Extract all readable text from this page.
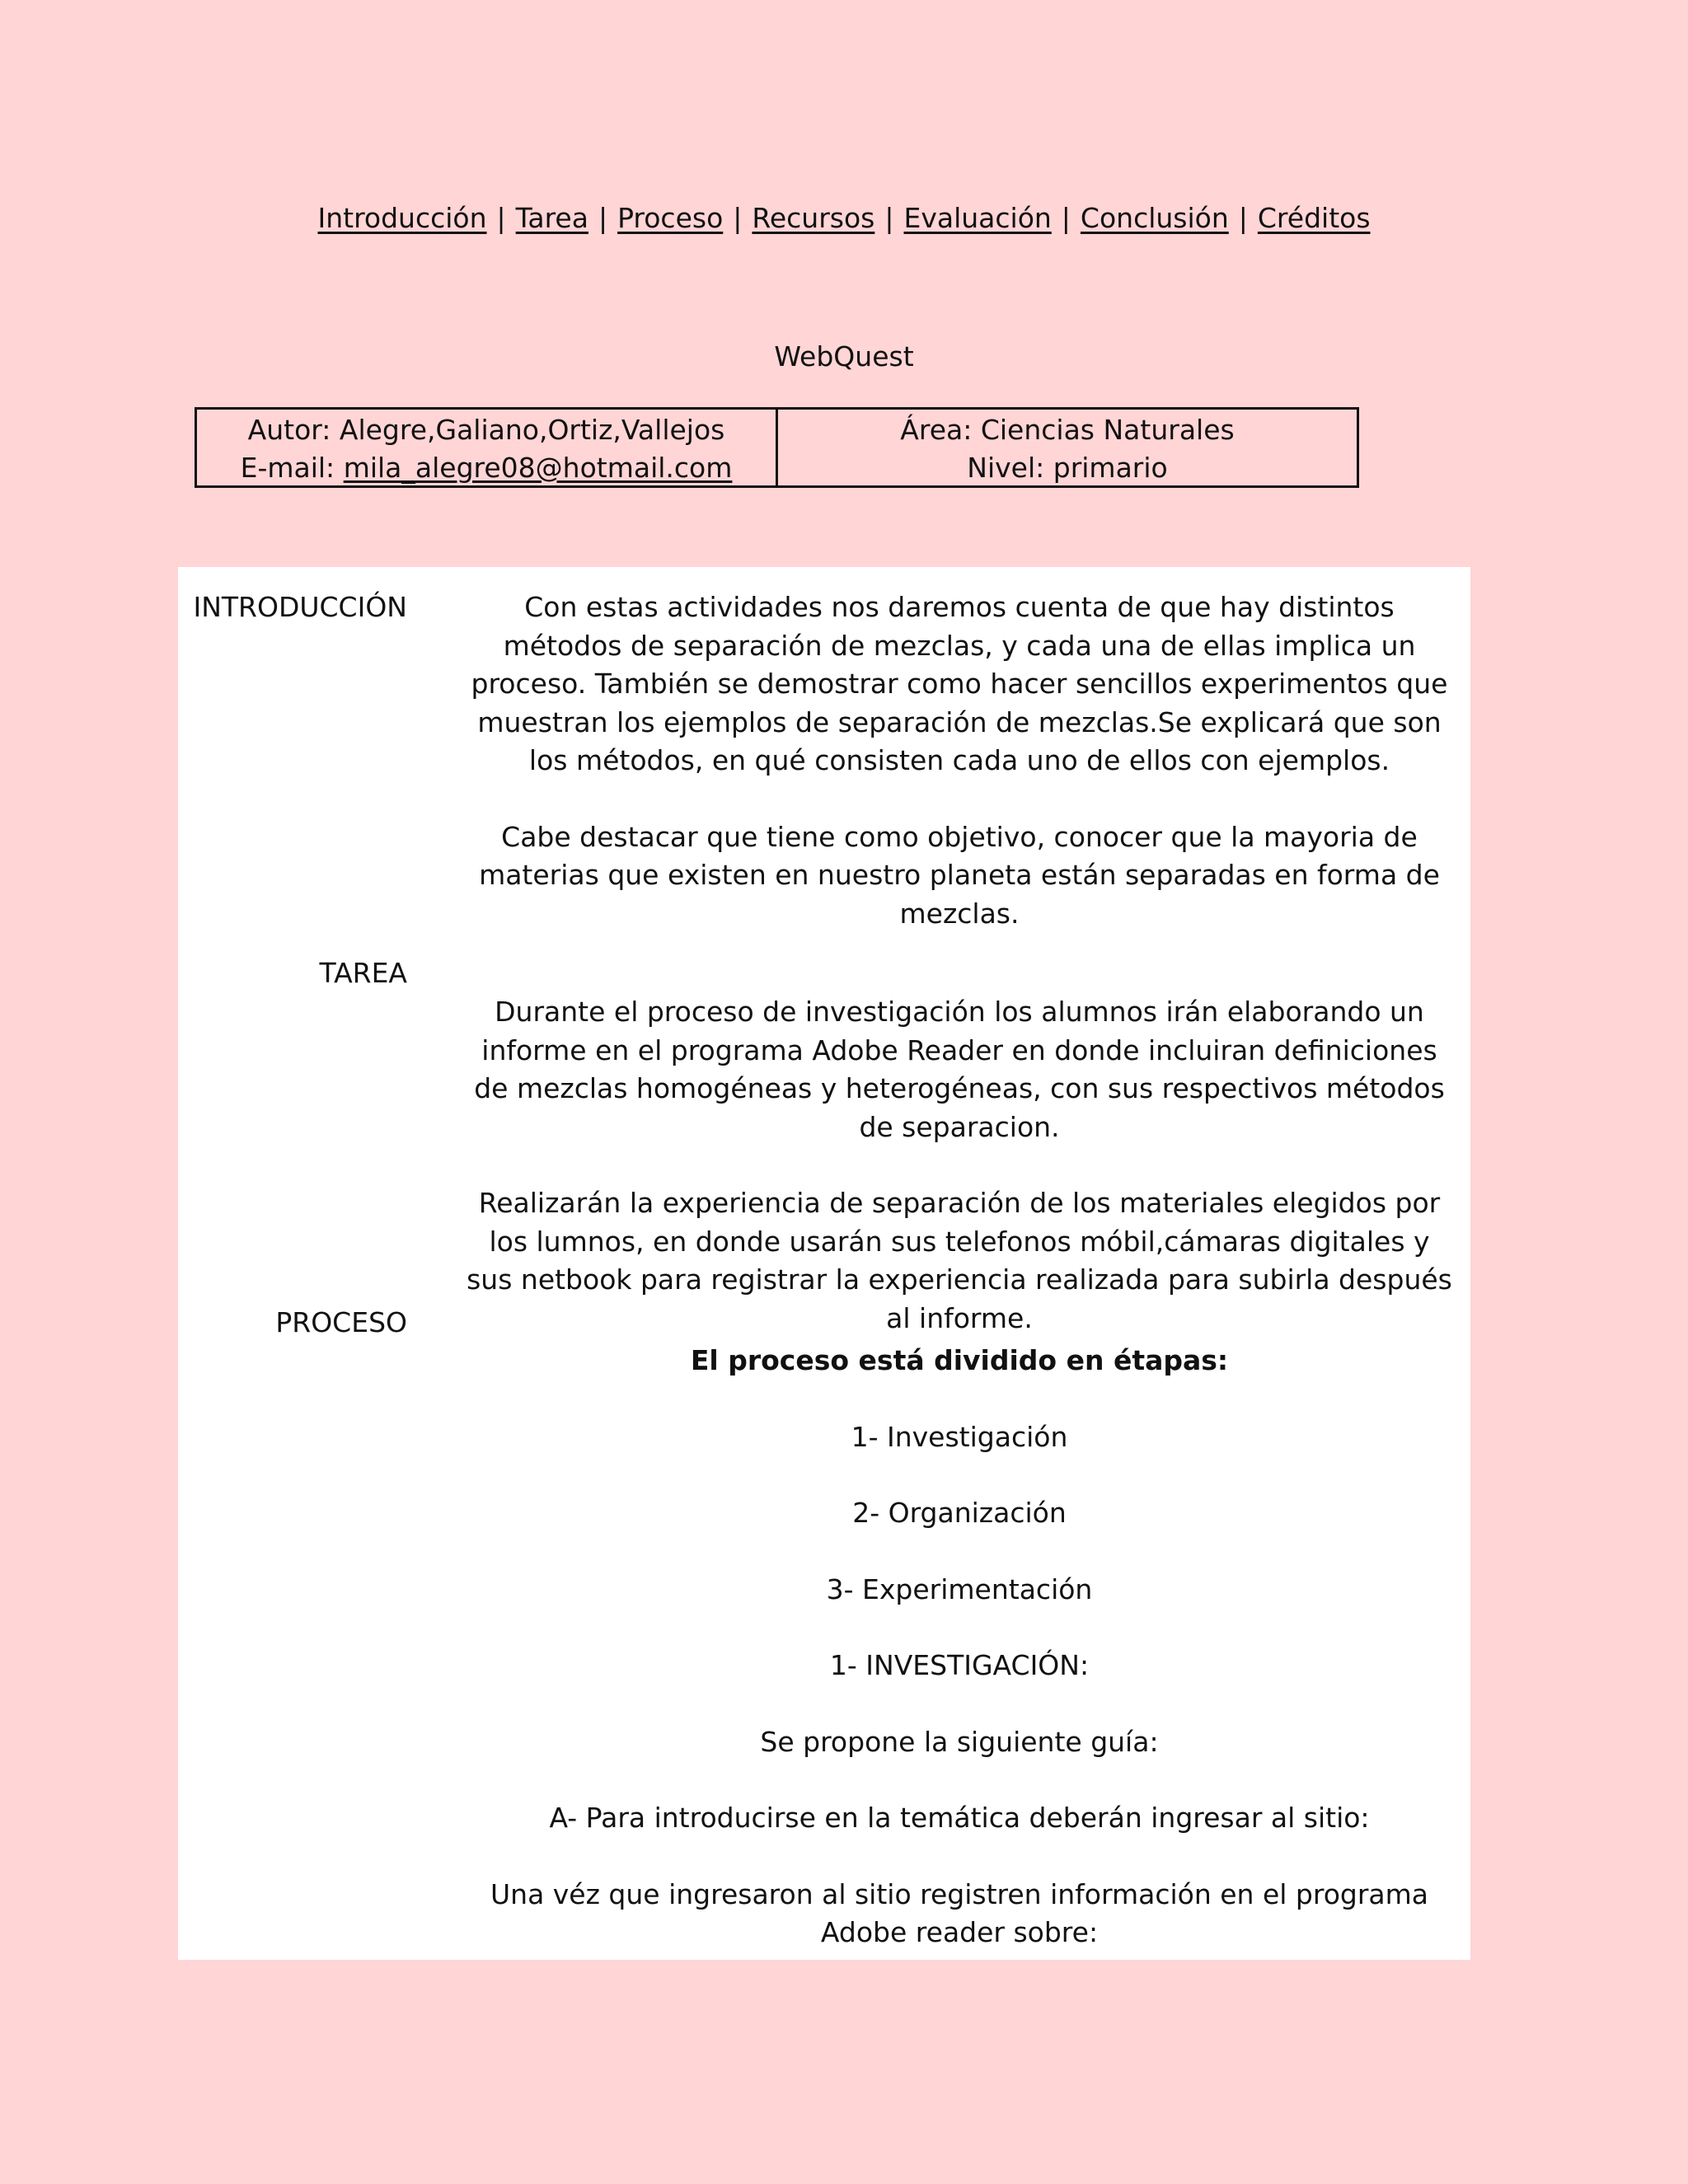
Introducción | Tarea | Proceso | Recursos | Evaluación | Conclusión | Créditos
WebQuest
Autor: Alegre,Galiano,Ortiz,Vallejos
E-mail: mila_alegre08@hotmail.com
Área: Ciencias Naturales
Nivel: primario
INTRODUCCIÓN	Con estas actividades nos daremos cuenta de que hay distintos métodos de separación de mezclas, y cada una de ellas implica un proceso. También se demostrar como hacer sencillos experimentos que muestran los ejemplos de separación de mezclas.Se explicará que son los métodos, en qué consisten cada uno de ellos con ejemplos.

Cabe destacar que tiene como objetivo, conocer que la mayoria de materias que existen en nuestro planeta están separadas en forma de mezclas.

TAREA

Durante el proceso de investigación los alumnos irán elaborando un informe en el programa Adobe Reader en donde incluiran definiciones de mezclas homogéneas y heterogéneas, con sus respectivos métodos de separacion.

Realizarán la experiencia de separación de los materiales elegidos por los lumnos, en donde usarán sus telefonos móbil,cámaras digitales y sus netbook para registrar la experiencia realizada para subirla después al informe.

PROCESO

El proceso está dividido en étapas:

1- Investigación

2- Organización

3- Experimentación

1- INVESTIGACIÓN:

Se propone la siguiente guía:

A- Para introducirse en la temática deberán ingresar al sitio:

Una véz que ingresaron al sitio registren información en el programa Adobe reader sobre:
